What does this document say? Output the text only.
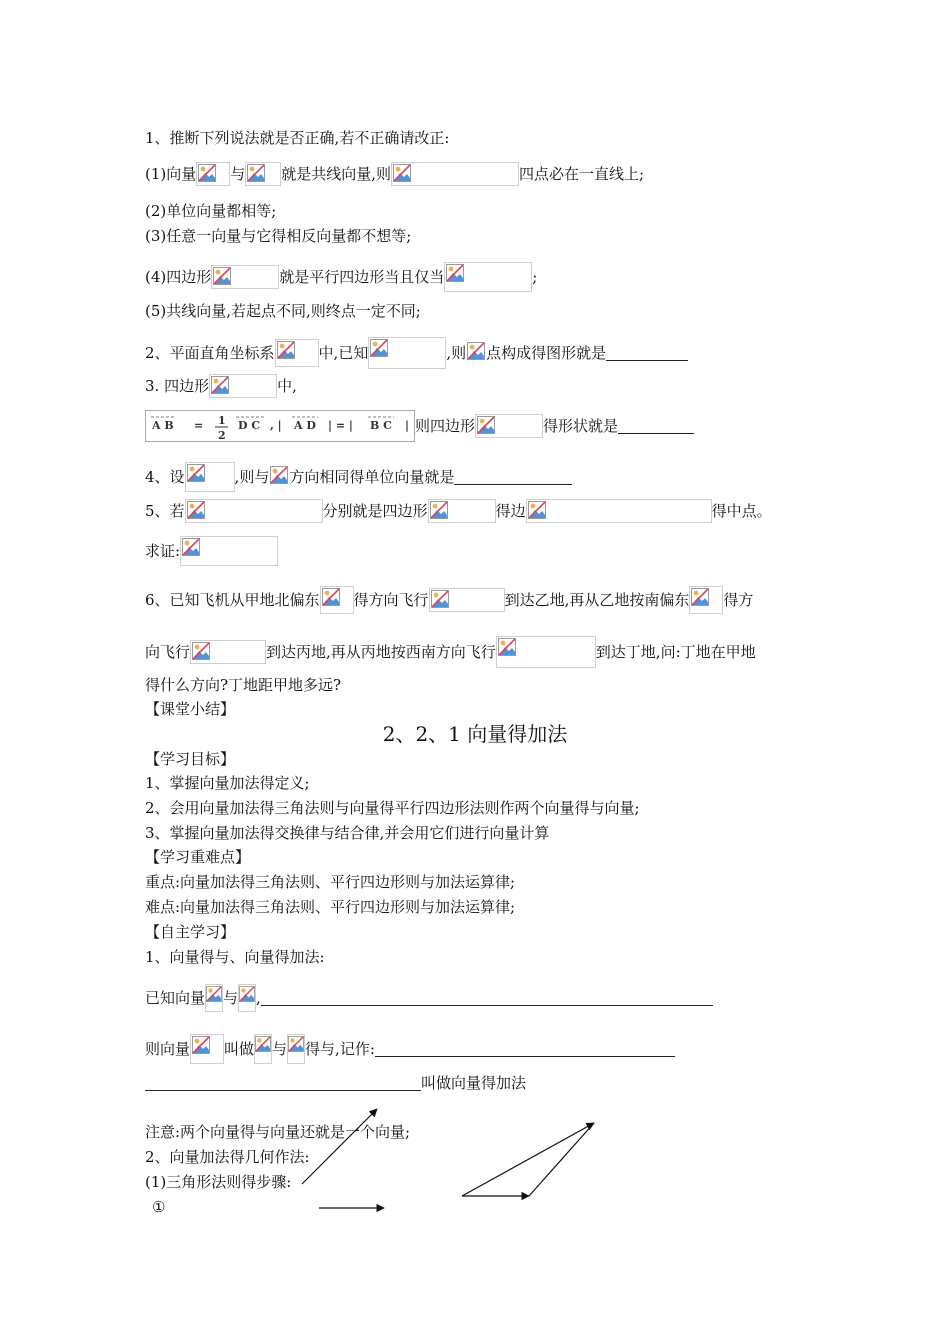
1、推断下列说法就是否正确,若不正确请改正:
(1)向量 与 就是共线向量,则	四点必在一直线上;
(2)单位向量都相等;
(3)任意一向量与它得相反向量都不想等;
(4)四边形	就是平行四边形当且仅当	;
(5)共线向量,若起点不同,则终点一定不同;
2、平面直角坐标系	中,已知	,则 点构成得图形就是
3. 四边形	中,
A B = 1
2
D C , | A D | = | B C | 则四边形	得形状就是
4、设	,则与 方向相同得单位向量就是
5、若	分别就是四边形	得边	得中点。
求证:
6、已知飞机从甲地北偏东 得方向飞行	到达乙地,再从乙地按南偏东 得方
向飞行	到达丙地,再从丙地按西南方向飞行	到达丁地,问:丁地在甲地
得什么方向?丁地距甲地多远?
【课堂小结】
2、2、1 向量得加法
【学习目标】
1、掌握向量加法得定义;
2、会用向量加法得三角法则与向量得平行四边形法则作两个向量得与向量;
3、掌握向量加法得交换律与结合律,并会用它们进行向量计算
【学习重难点】
重点:向量加法得三角法则、平行四边形则与加法运算律;
难点:向量加法得三角法则、平行四边形则与加法运算律;
【自主学习】
1、向量得与、向量得加法:
已知向量 与 ,
则向量 叫做 与 得与,记作:
叫做向量得加法
注意:两个向量得与向量还就是一个向量;
2、向量加法得几何作法:
(1)三角形法则得步骤:
①
